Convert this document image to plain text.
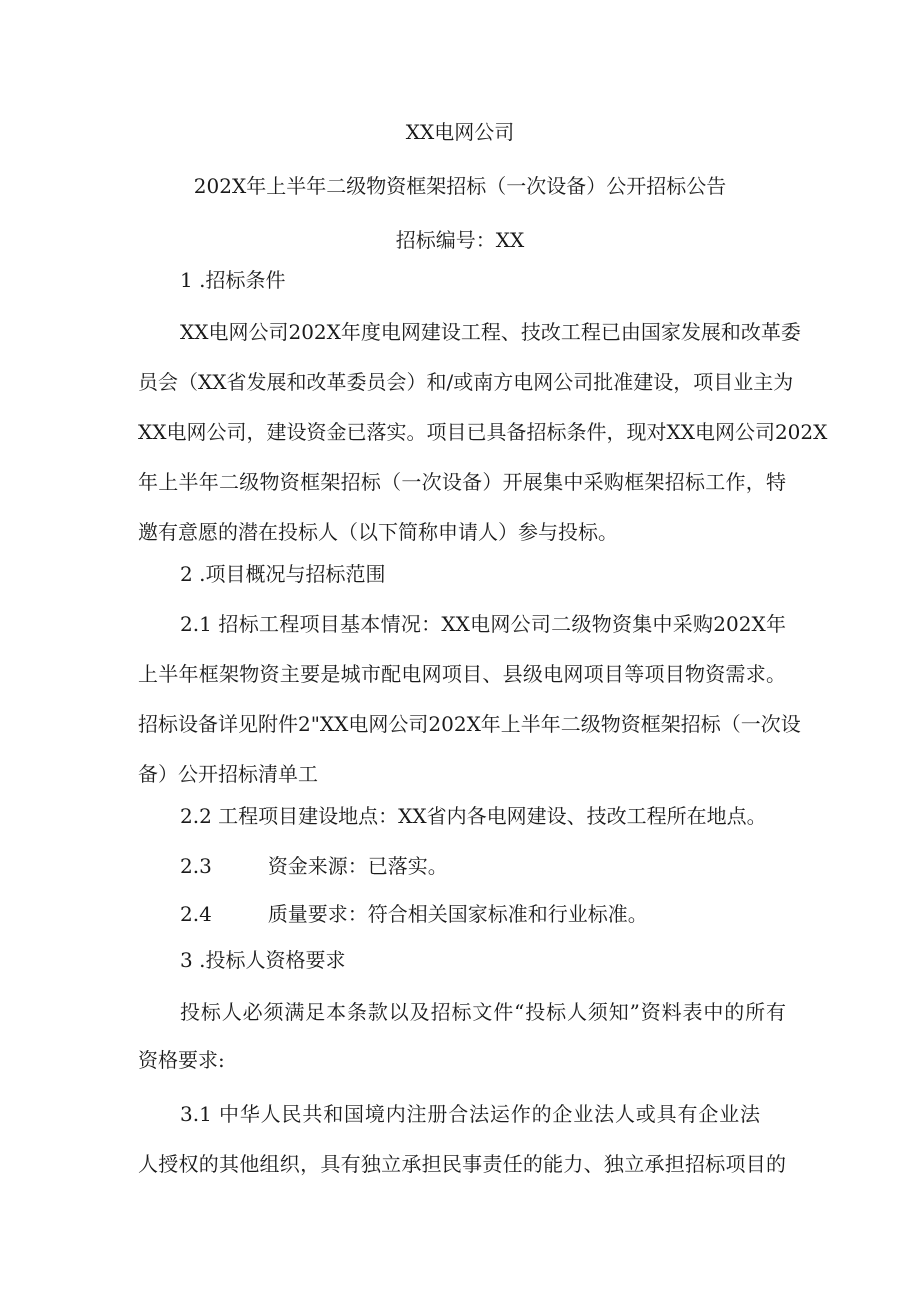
XX电网公司
202X年上半年二级物资框架招标（一次设备）公开招标公告
招标编号：XX
1 .招标条件
XX电网公司202X年度电网建设工程、技改工程已由国家发展和改革委
员会（XX省发展和改革委员会）和/或南方电网公司批准建设，项目业主为
XX电网公司，建设资金已落实。项目已具备招标条件，现对XX电网公司202X
年上半年二级物资框架招标（一次设备）开展集中采购框架招标工作，特
邀有意愿的潜在投标人（以下简称申请人）参与投标。
2 .项目概况与招标范围
2.1 招标工程项目基本情况：XX电网公司二级物资集中采购202X年
上半年框架物资主要是城市配电网项目、县级电网项目等项目物资需求。
招标设备详见附件2"XX电网公司202X年上半年二级物资框架招标（一次设
备）公开招标清单工
2.2 工程项目建设地点：XX省内各电网建设、技改工程所在地点。
2.3	资金来源：已落实。
2.4	质量要求：符合相关国家标准和行业标准。
3 .投标人资格要求
投标人必须满足本条款以及招标文件“投标人须知”资料表中的所有
资格要求:
3.1 中华人民共和国境内注册合法运作的企业法人或具有企业法
人授权的其他组织，具有独立承担民事责任的能力、独立承担招标项目的
